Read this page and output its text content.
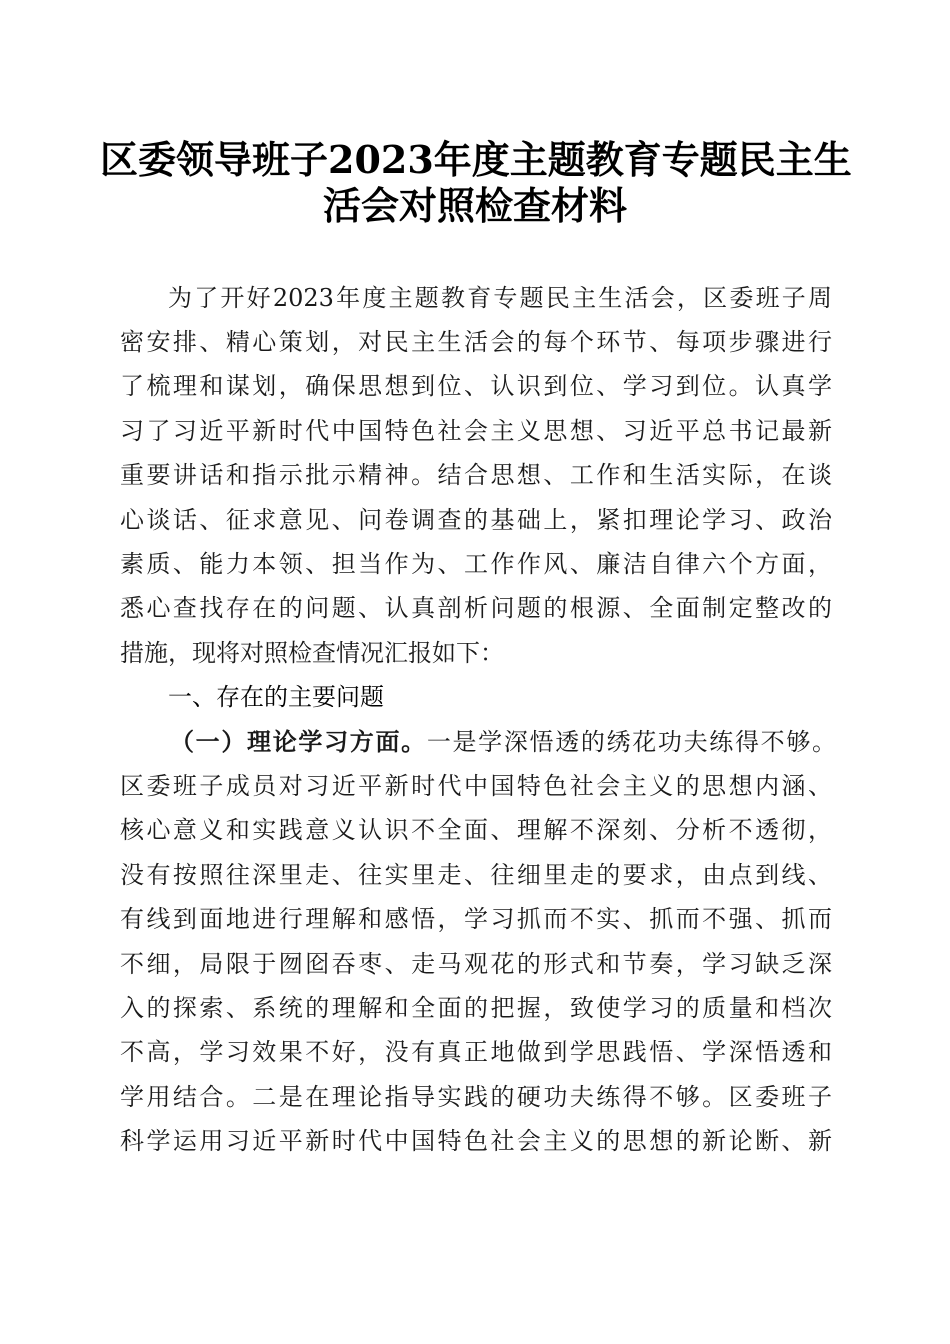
区委领导班子2023年度主题教育专题民主生
活会对照检查材料
为了开好2023年度主题教育专题民主生活会，区委班子周
密安排、精心策划，对民主生活会的每个环节、每项步骤进行
了梳理和谋划，确保思想到位、认识到位、学习到位。认真学
习了习近平新时代中国特色社会主义思想、习近平总书记最新
重要讲话和指示批示精神。结合思想、工作和生活实际，在谈
心谈话、征求意见、问卷调查的基础上，紧扣理论学习、政治
素质、能力本领、担当作为、工作作风、廉洁自律六个方面，
悉心查找存在的问题、认真剖析问题的根源、全面制定整改的
措施，现将对照检查情况汇报如下：
一、存在的主要问题
（一）理论学习方面。一是学深悟透的绣花功夫练得不够。
区委班子成员对习近平新时代中国特色社会主义的思想内涵、
核心意义和实践意义认识不全面、理解不深刻、分析不透彻，
没有按照往深里走、往实里走、往细里走的要求，由点到线、
有线到面地进行理解和感悟，学习抓而不实、抓而不强、抓而
不细，局限于囫囵吞枣、走马观花的形式和节奏，学习缺乏深
入的探索、系统的理解和全面的把握，致使学习的质量和档次
不高，学习效果不好，没有真正地做到学思践悟、学深悟透和
学用结合。二是在理论指导实践的硬功夫练得不够。区委班子
科学运用习近平新时代中国特色社会主义的思想的新论断、新
